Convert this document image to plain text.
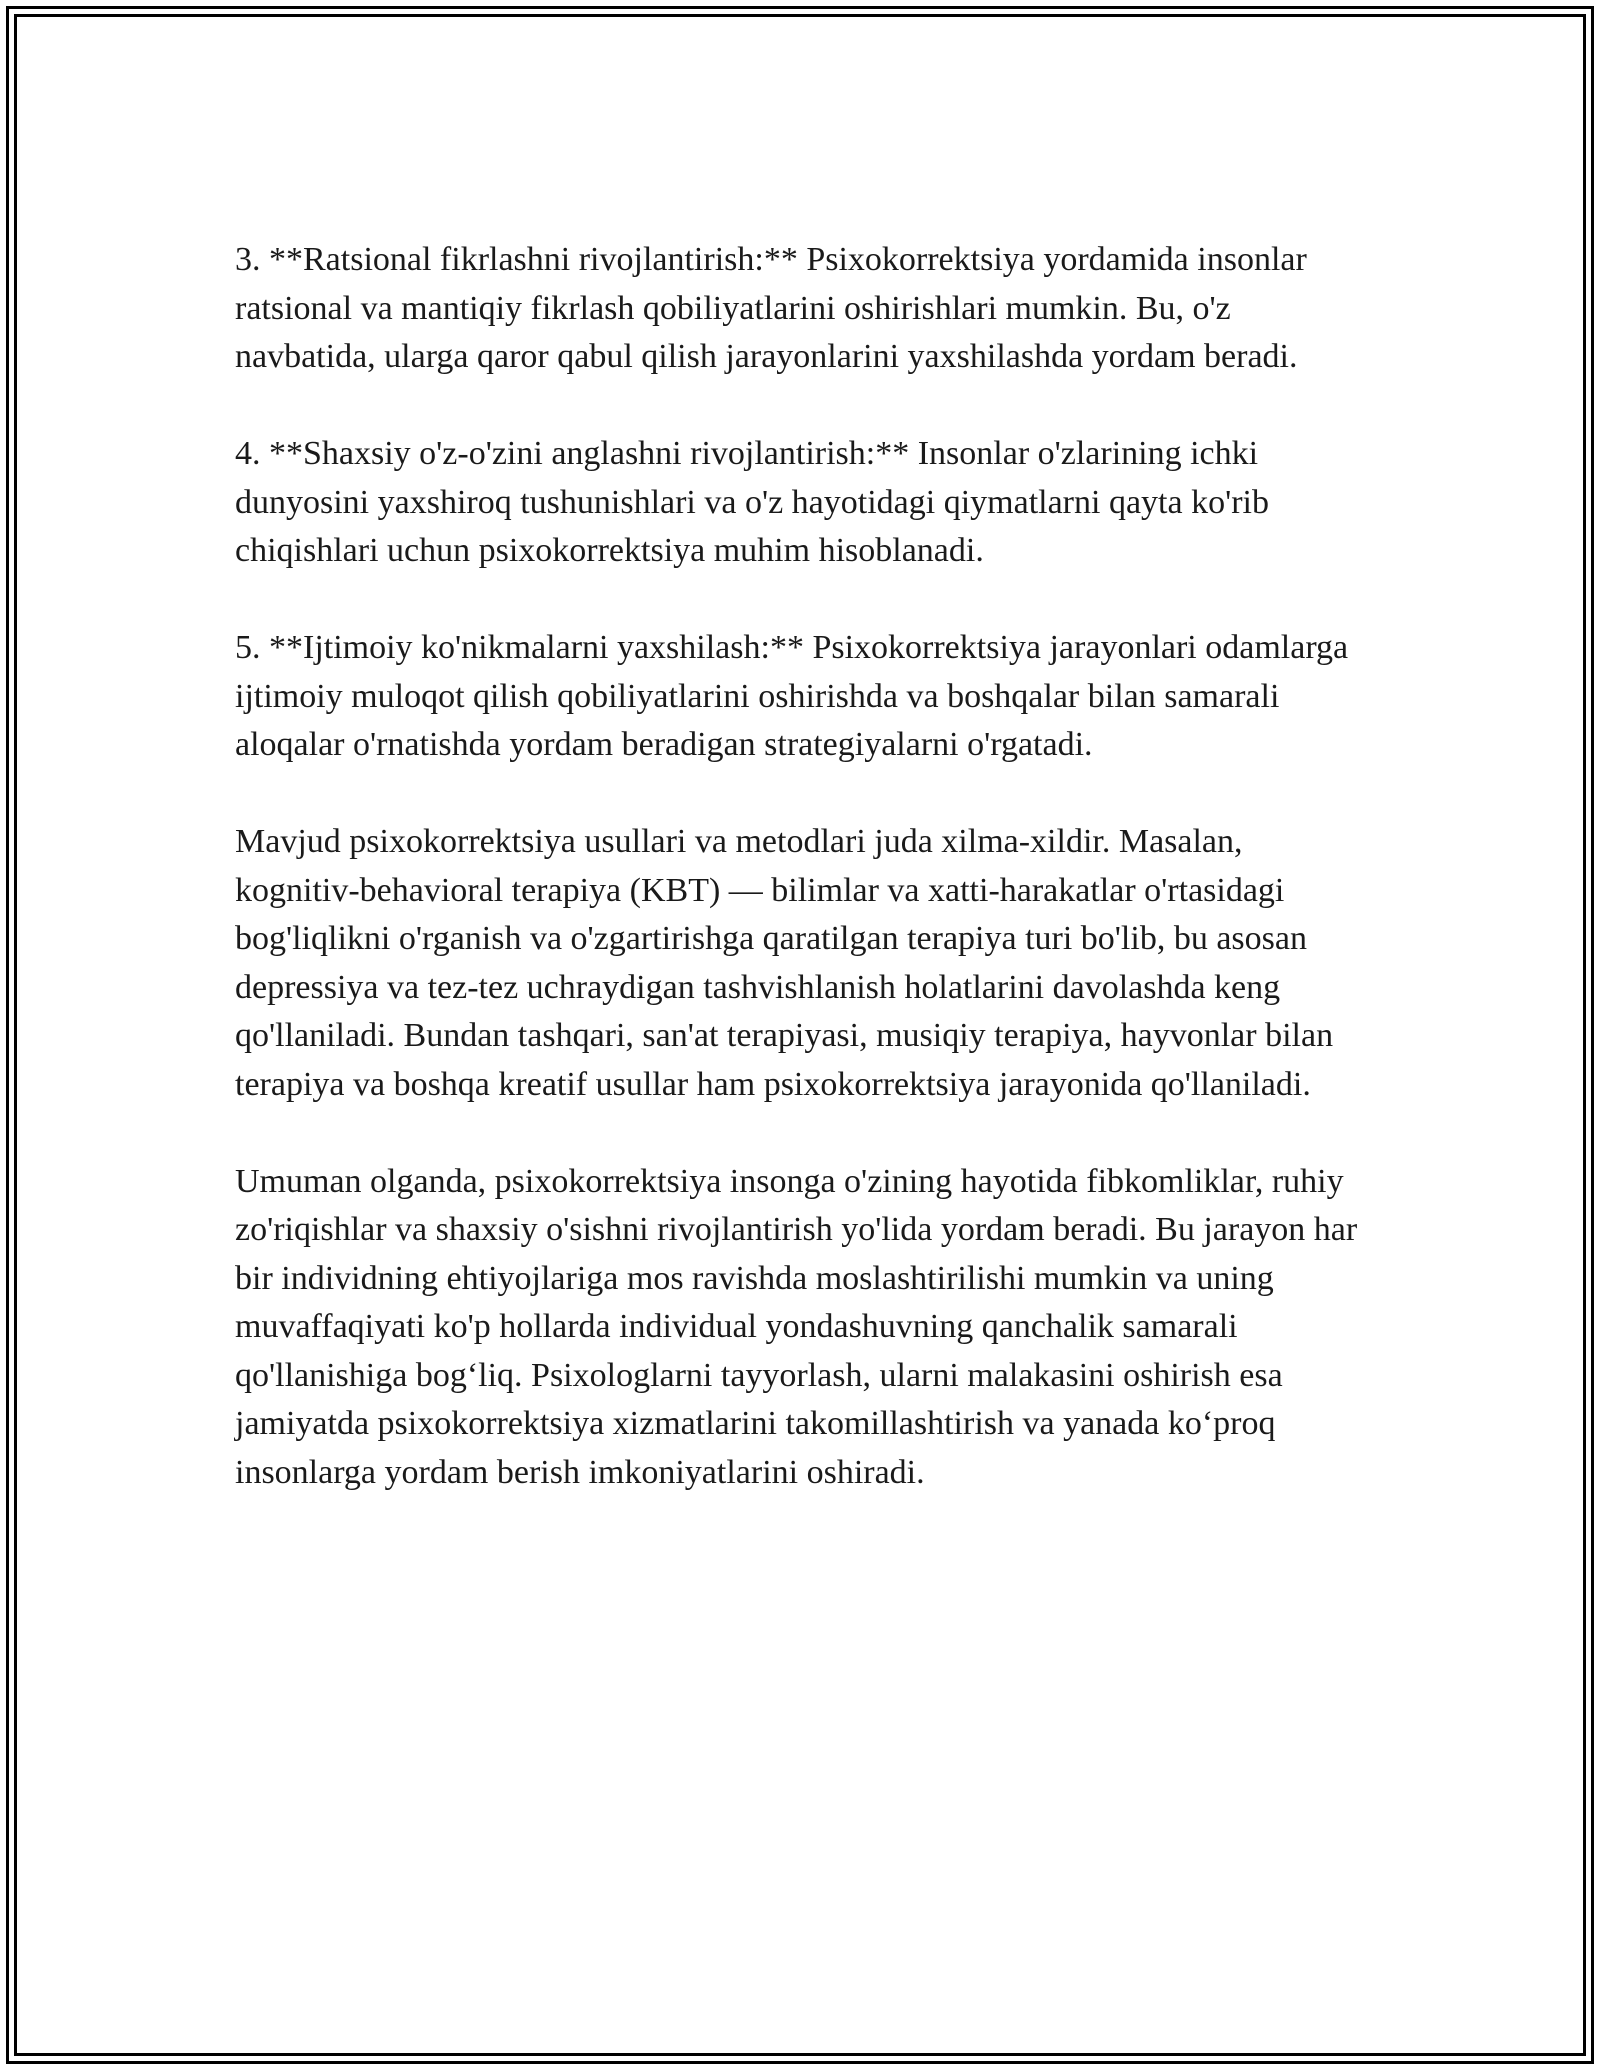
3. **Ratsional fikrlashni rivojlantirish:** Psixokorrektsiya yordamida insonlar ratsional va mantiqiy fikrlash qobiliyatlarini oshirishlari mumkin. Bu, o'z navbatida, ularga qaror qabul qilish jarayonlarini yaxshilashda yordam beradi.

4. **Shaxsiy o'z-o'zini anglashni rivojlantirish:** Insonlar o'zlarining ichki dunyosini yaxshiroq tushunishlari va o'z hayotidagi qiymatlarni qayta ko'rib chiqishlari uchun psixokorrektsiya muhim hisoblanadi.

5. **Ijtimoiy ko'nikmalarni yaxshilash:** Psixokorrektsiya jarayonlari odamlarga ijtimoiy muloqot qilish qobiliyatlarini oshirishda va boshqalar bilan samarali aloqalar o'rnatishda yordam beradigan strategiyalarni o'rgatadi.

Mavjud psixokorrektsiya usullari va metodlari juda xilma-xildir. Masalan, kognitiv-behavioral terapiya (KBT) — bilimlar va xatti-harakatlar o'rtasidagi bog'liqlikni o'rganish va o'zgartirishga qaratilgan terapiya turi bo'lib, bu asosan depressiya va tez-tez uchraydigan tashvishlanish holatlarini davolashda keng qo'llaniladi. Bundan tashqari, san'at terapiyasi, musiqiy terapiya, hayvonlar bilan terapiya va boshqa kreatif usullar ham psixokorrektsiya jarayonida qo'llaniladi.

Umuman olganda, psixokorrektsiya insonga o'zining hayotida fibkomliklar, ruhiy zo'riqishlar va shaxsiy o'sishni rivojlantirish yo'lida yordam beradi. Bu jarayon har bir individning ehtiyojlariga mos ravishda moslashtirilishi mumkin va uning muvaffaqiyati ko'p hollarda individual yondashuvning qanchalik samarali qo'llanishiga bog‘liq. Psixologlarni tayyorlash, ularni malakasini oshirish esa jamiyatda psixokorrektsiya xizmatlarini takomillashtirish va yanada ko‘proq insonlarga yordam berish imkoniyatlarini oshiradi.
